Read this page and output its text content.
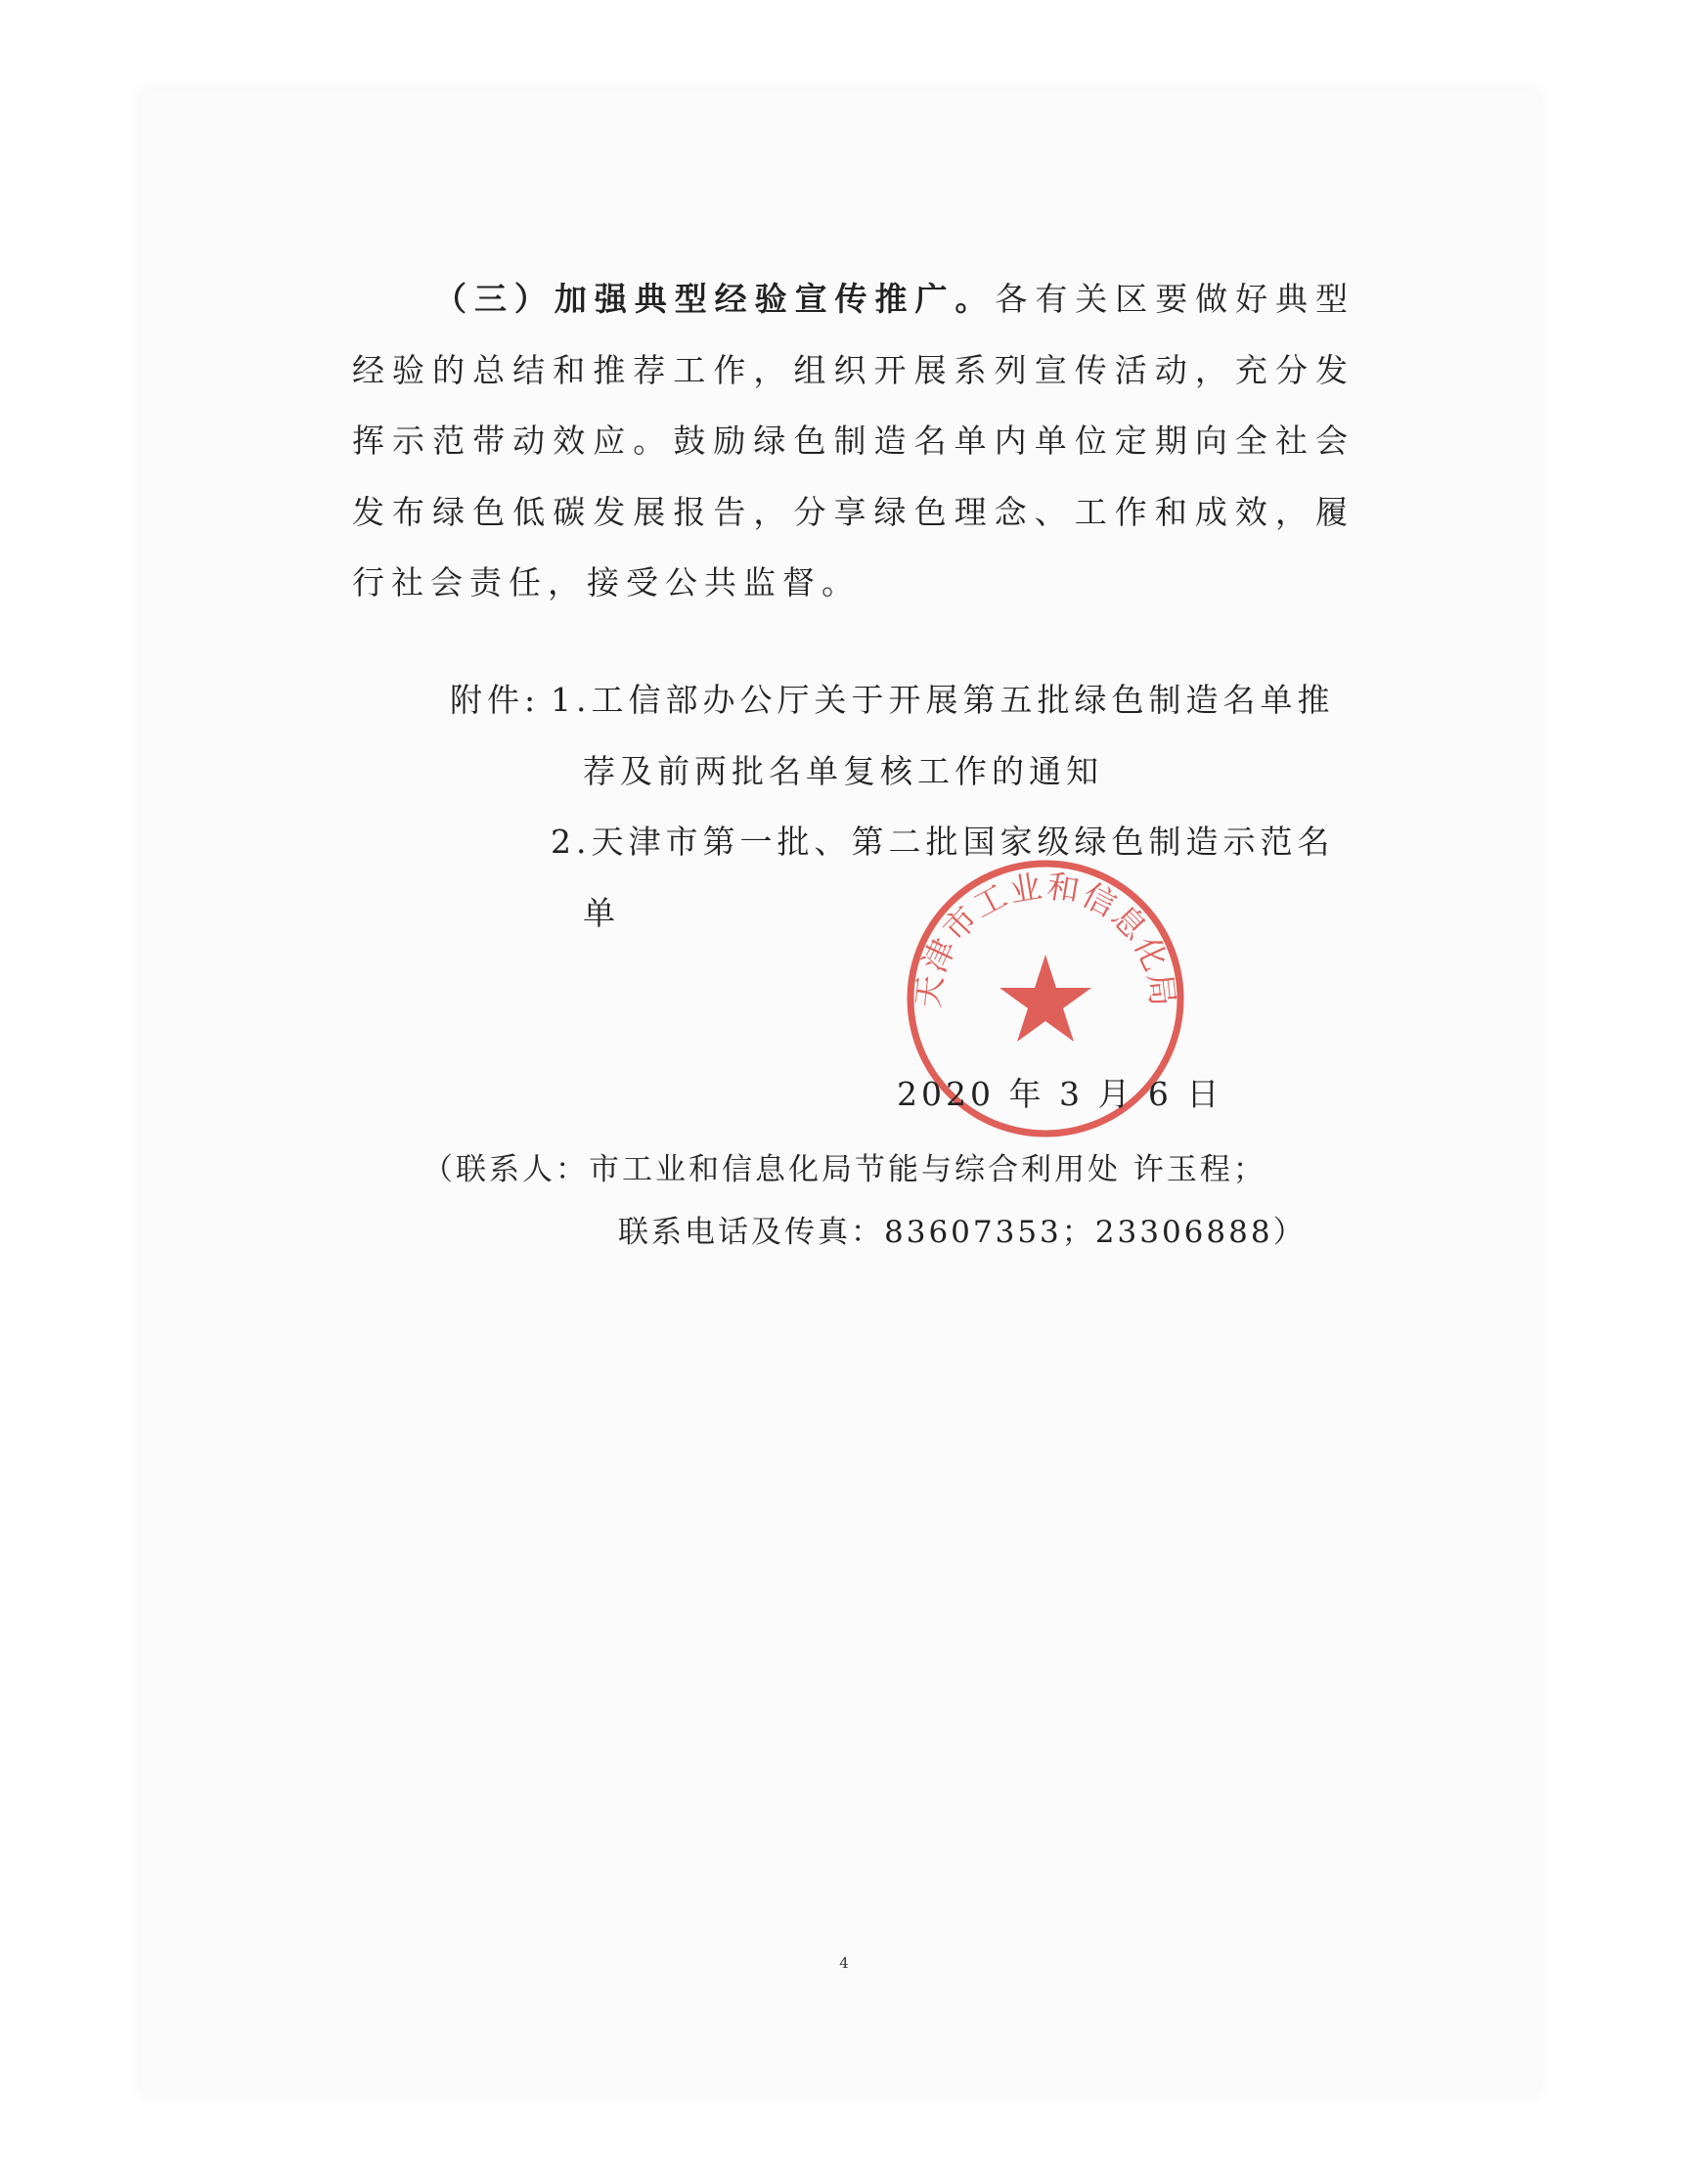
（三）加强典型经验宣传推广。各有关区要做好典型经验的总结和推荐工作，组织开展系列宣传活动，充分发挥示范带动效应。鼓励绿色制造名单内单位定期向全社会发布绿色低碳发展报告，分享绿色理念、工作和成效，履行社会责任，接受公共监督。

附件: 1.工信部办公厅关于开展第五批绿色制造名单推
荐及前两批名单复核工作的通知
2.天津市第一批、第二批国家级绿色制造示范名
单
天津市工业和信息化局
2020 年 3 月 6 日
（联系人：市工业和信息化局节能与综合利用处 许玉程；
联系电话及传真：83607353；23306888）
4
